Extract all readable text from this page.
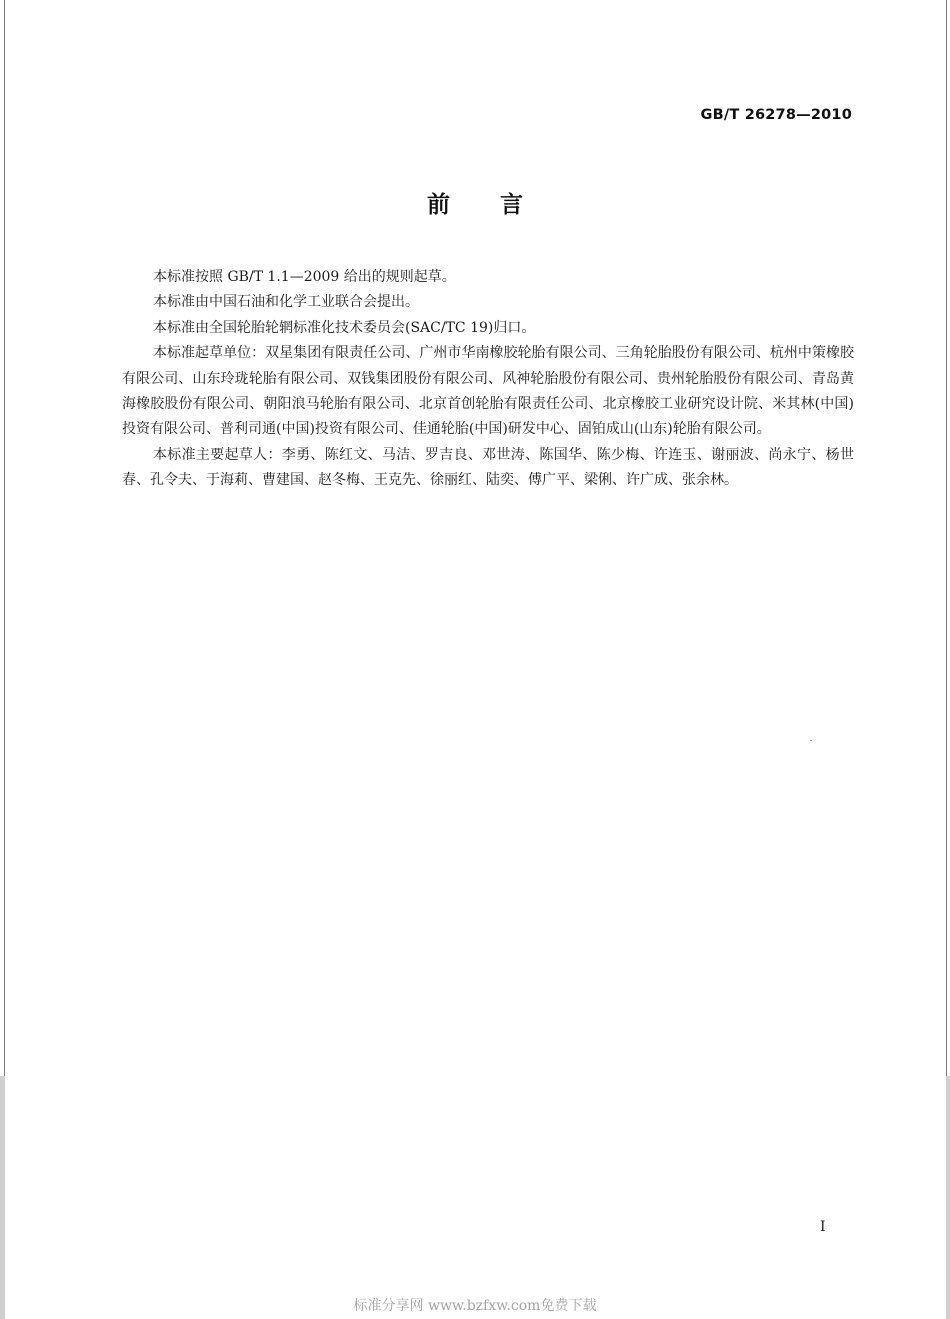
GB/T 26278—2010
前言

本标准按照 GB/T 1.1—2009 给出的规则起草。

本标准由中国石油和化学工业联合会提出。

本标准由全国轮胎轮辋标准化技术委员会(SAC/TC 19)归口。

本标准起草单位：双星集团有限责任公司、广州市华南橡胶轮胎有限公司、三角轮胎股份有限公司、杭州中策橡胶有限公司、山东玲珑轮胎有限公司、双钱集团股份有限公司、风神轮胎股份有限公司、贵州轮胎股份有限公司、青岛黄海橡胶股份有限公司、朝阳浪马轮胎有限公司、北京首创轮胎有限责任公司、北京橡胶工业研究设计院、米其林(中国)投资有限公司、普利司通(中国)投资有限公司、佳通轮胎(中国)研发中心、固铂成山(山东)轮胎有限公司。

本标准主要起草人：李勇、陈红文、马洁、罗吉良、邓世涛、陈国华、陈少梅、许连玉、谢丽波、尚永宁、杨世春、孔令夫、于海莉、曹建国、赵冬梅、王克先、徐丽红、陆奕、傅广平、梁俐、许广成、张余林。

I
标准分享网 www.bzfxw.com免费下载
